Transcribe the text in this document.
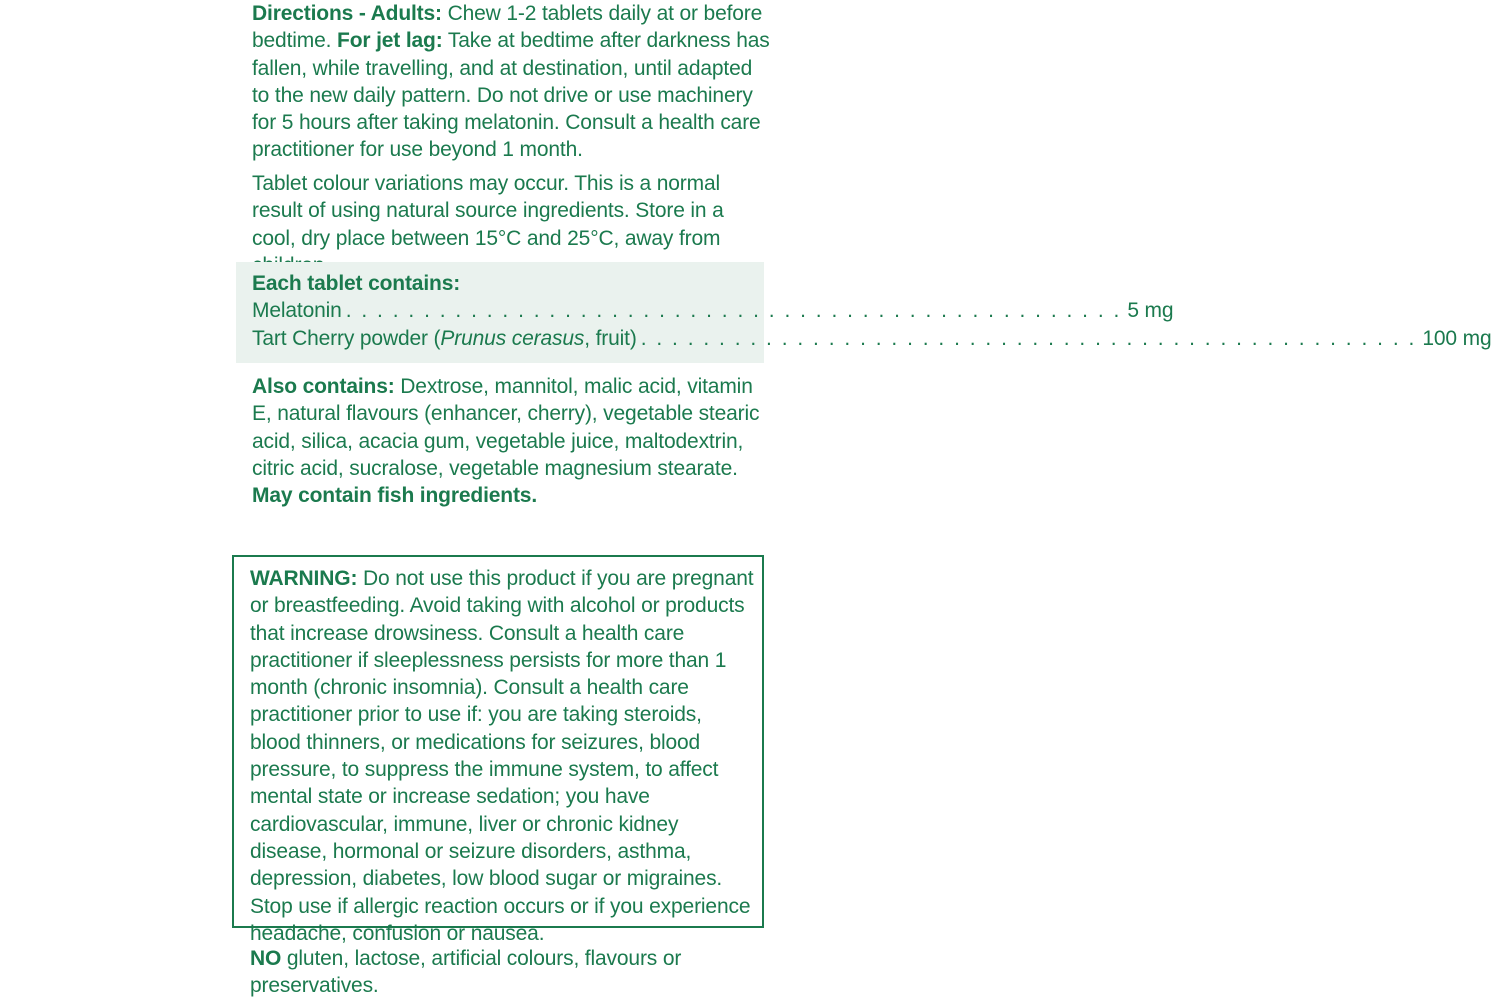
Directions - Adults: Chew 1-2 tablets daily at or before bedtime. For jet lag: Take at bedtime after darkness has fallen, while travelling, and at destination, until adapted to the new daily pattern. Do not drive or use machinery for 5 hours after taking melatonin. Consult a health care practitioner for use beyond 1 month.

Tablet colour variations may occur. This is a normal result of using natural source ingredients. Store in a cool, dry place between 15°C and 25°C, away from

Each tablet contains:

Melatonin . . . . . . . . . . . . . . . . . . . . . . . . . . . . . . . . . . . . . . . . . . . . . . . . . . 5 mg
Tart Cherry powder (Prunus cerasus, fruit) . . . . . . . . . . . . . . . . . . . . . . . . . . . . . . . . . . . . . . . . . . . . . . . . . . 100 mg

Also contains: Dextrose, mannitol, malic acid, vitamin E, natural flavours (enhancer, cherry), vegetable stearic acid, silica, acacia gum, vegetable juice, maltodextrin, citric acid, sucralose, vegetable magnesium stearate.

May contain fish ingredients.

WARNING: Do not use this product if you are pregnant or breastfeeding. Avoid taking with alcohol or products that increase drowsiness. Consult a health care practitioner if sleeplessness persists for more than 1 month (chronic insomnia). Consult a health care practitioner prior to use if: you are taking steroids, blood thinners, or medications for seizures, blood pressure, to suppress the immune system, to affect mental state or increase sedation; you have cardiovascular, immune, liver or chronic kidney disease, hormonal or seizure disorders, asthma, depression, diabetes, low blood sugar or migraines. Stop use if allergic reaction occurs or if you experience headache, confusion or nausea.

NO gluten, lactose, artificial colours, flavours or preservatives.
